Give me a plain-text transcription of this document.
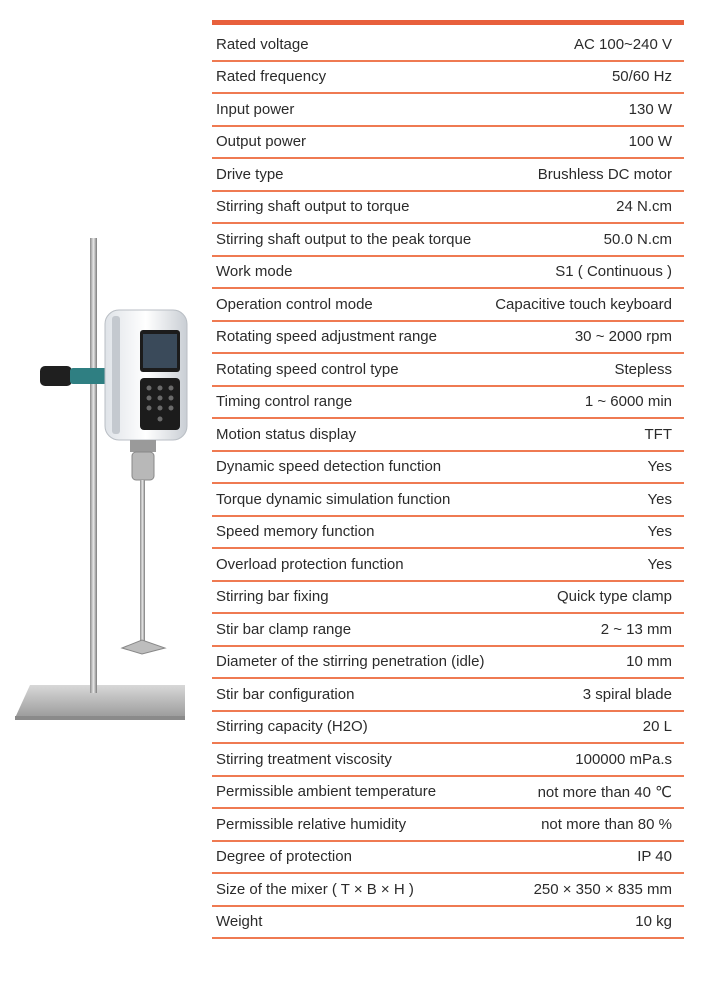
Rated voltage	AC 100~240 V
Rated frequency	50/60 Hz
Input power	130 W
Output power	100 W
Drive type	Brushless DC motor
Stirring shaft output to torque	24 N.cm
Stirring shaft output to the peak torque	50.0 N.cm
Work mode	S1 ( Continuous )
Operation control mode	Capacitive touch keyboard
Rotating speed adjustment range	30 ~ 2000 rpm
Rotating speed control type	Stepless
Timing control range	1 ~ 6000 min
Motion status display	TFT
Dynamic speed detection function	Yes
Torque dynamic simulation function	Yes
Speed memory function	Yes
Overload protection function	Yes
Stirring bar fixing	Quick type clamp
Stir bar clamp range	2 ~ 13 mm
Diameter of the stirring penetration (idle)	10 mm
Stir bar configuration	3 spiral blade
Stirring capacity (H2O)	20 L
Stirring treatment viscosity	100000 mPa.s
Permissible ambient temperature	not more than 40 ℃
Permissible relative humidity	not more than 80 %
Degree of protection	IP 40
Size of the mixer ( T × B × H )	250 × 350 × 835 mm
Weight	10 kg
